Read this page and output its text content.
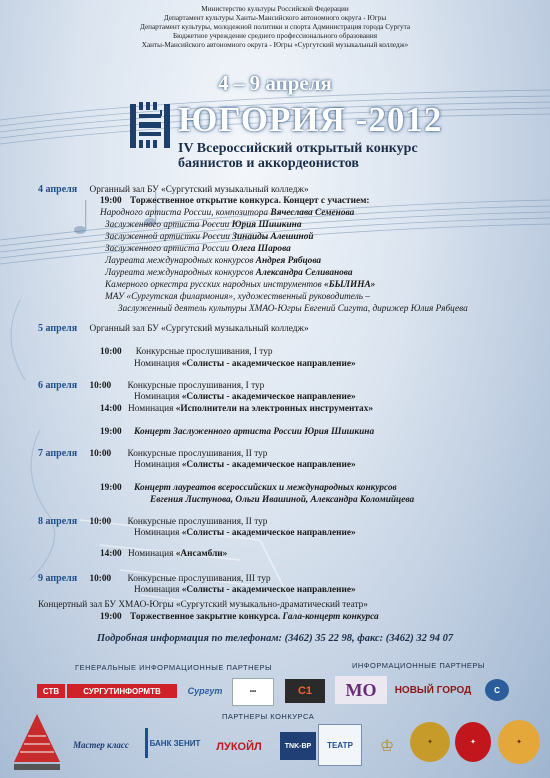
Министерство культуры Российской Федерации
Департамент культуры Ханты-Мансийского автономного округа - Югры
Департамент культуры, молодежной политики и спорта Администрация города Сургута
Бюджетное учреждение среднего профессионального образования
Ханты-Мансийского автономного округа - Югры «Сургутский музыкальный колледж»
4 – 9 апреля
ЮГОРИЯ -2012
IV Всероссийский открытый конкурс
баянистов и аккордеонистов
4 апреля Органный зал БУ «Сургутский музыкальный колледж»
19:00 Торжественное открытие конкурса. Концерт с участием:
Народного артиста России, композитора Вячеслава Семенова
Заслуженного артиста России Юрия Шишкина
Заслуженной артистки России Зинаиды Алешиной
Заслуженного артиста России Олега Шарова
Лауреата международных конкурсов Андрея Рябцова
Лауреата международных конкурсов Александра Селиванова
Камерного оркестра русских народных инструментов «БЫЛИНА»
МАУ «Сургутская филармония», художественный руководитель –
Заслуженный деятель культуры ХМАО-Югры Евгений Сигута, дирижер Юлия Рябцева
5 апреля Органный зал БУ «Сургутский музыкальный колледж»
10:00 Конкурсные прослушивания, I тур
Номинация «Солисты - академическое направление»
6 апреля 10:00 Конкурсные прослушивания, I тур
Номинация «Солисты - академическое направление»
14:00 Номинация «Исполнители на электронных инструментах»
19:00 Концерт Заслуженного артиста России Юрия Шишкина
7 апреля 10:00 Конкурсные прослушивания, II тур
Номинация «Солисты - академическое направление»
19:00 Концерт лауреатов всероссийских и международных конкурсов
Евгения Листунова, Ольги Ивашиной, Александра Коломийцева
8 апреля 10:00 Конкурсные прослушивания, II тур
Номинация «Солисты - академическое направление»
14:00 Номинация «Ансамбли»
9 апреля 10:00 Конкурсные прослушивания, III тур
Номинация «Солисты - академическое направление»
Концертный зал БУ ХМАО-Югры «Сургутский музыкально-драматический театр»
19:00 Торжественное закрытие конкурса. Гала-концерт конкурса
Подробная информация по телефонам: (3462) 35 22 98, факс: (3462) 32 94 07
ГЕНЕРАЛЬНЫЕ ИНФОРМАЦИОННЫЕ ПАРТНЕРЫ	ИНФОРМАЦИОННЫЕ ПАРТНЕРЫ
СТВ	СУРГУТИНФОРМТВ	Сургут	•••	С1	МО	НОВЫЙ ГОРОД	С
ПАРТНЕРЫ КОНКУРСА
Мастер класс	БАНК ЗЕНИТ	ЛУКОЙЛ	TNK-BP	ТЕАТР	♔	✦	✦	✦
